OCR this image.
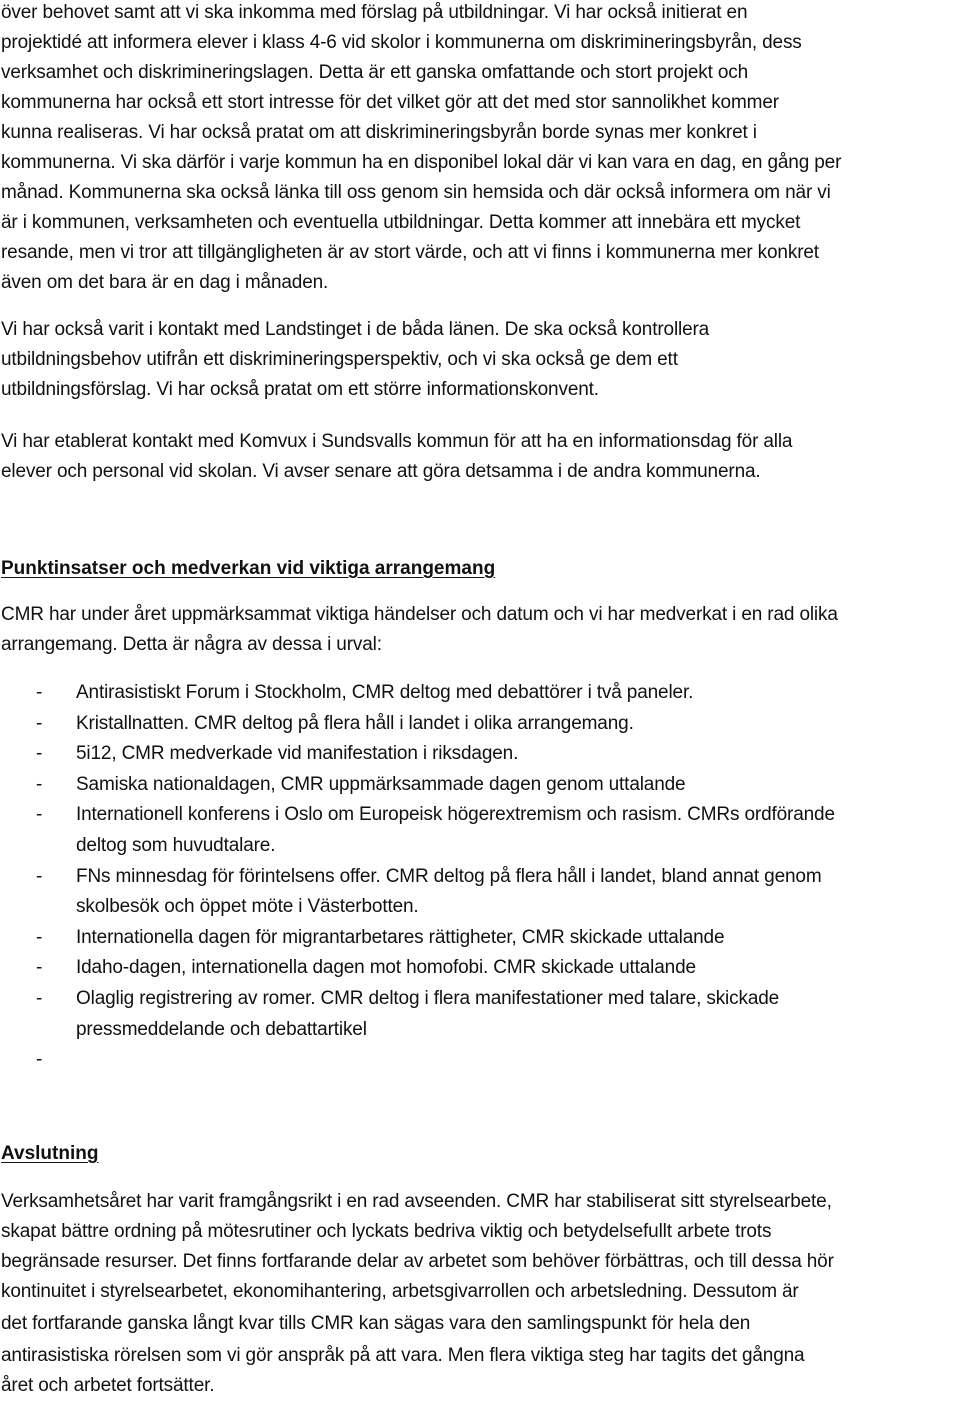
över behovet samt att vi ska inkomma med förslag på utbildningar. Vi har också initierat en
projektidé att informera elever i klass 4-6 vid skolor i kommunerna om diskrimineringsbyrån, dess
verksamhet och diskrimineringslagen. Detta är ett ganska omfattande och stort projekt och
kommunerna har också ett stort intresse för det vilket gör att det med stor sannolikhet kommer
kunna realiseras. Vi har också pratat om att diskrimineringsbyrån borde synas mer konkret i
kommunerna. Vi ska därför i varje kommun ha en disponibel lokal där vi kan vara en dag, en gång per
månad. Kommunerna ska också länka till oss genom sin hemsida och där också informera om när vi
är i kommunen, verksamheten och eventuella utbildningar. Detta kommer att innebära ett mycket
resande, men vi tror att tillgängligheten är av stort värde, och att vi finns i kommunerna mer konkret
även om det bara är en dag i månaden.
Vi har också varit i kontakt med Landstinget i de båda länen. De ska också kontrollera
utbildningsbehov utifrån ett diskrimineringsperspektiv, och vi ska också ge dem ett
utbildningsförslag. Vi har också pratat om ett större informationskonvent.
Vi har etablerat kontakt med Komvux i Sundsvalls kommun för att ha en informationsdag för alla
elever och personal vid skolan. Vi avser senare att göra detsamma i de andra kommunerna.
Punktinsatser och medverkan vid viktiga arrangemang
CMR har under året uppmärksammat viktiga händelser och datum och vi har medverkat i en rad olika
arrangemang. Detta är några av dessa i urval:
- Antirasistiskt Forum i Stockholm, CMR deltog med debattörer i två paneler.
- Kristallnatten. CMR deltog på flera håll i landet i olika arrangemang.
- 5i12, CMR medverkade vid manifestation i riksdagen.
- Samiska nationaldagen, CMR uppmärksammade dagen genom uttalande
- Internationell konferens i Oslo om Europeisk högerextremism och rasism. CMRs ordförande
deltog som huvudtalare.
- FNs minnesdag för förintelsens offer. CMR deltog på flera håll i landet, bland annat genom
skolbesök och öppet möte i Västerbotten.
- Internationella dagen för migrantarbetares rättigheter, CMR skickade uttalande
- Idaho-dagen, internationella dagen mot homofobi. CMR skickade uttalande
- Olaglig registrering av romer. CMR deltog i flera manifestationer med talare, skickade
pressmeddelande och debattartikel
-
Avslutning
Verksamhetsåret har varit framgångsrikt i en rad avseenden. CMR har stabiliserat sitt styrelsearbete,
skapat bättre ordning på mötesrutiner och lyckats bedriva viktig och betydelsefullt arbete trots
begränsade resurser. Det finns fortfarande delar av arbetet som behöver förbättras, och till dessa hör
kontinuitet i styrelsearbetet, ekonomihantering, arbetsgivarrollen och arbetsledning. Dessutom är
det fortfarande ganska långt kvar tills CMR kan sägas vara den samlingspunkt för hela den
antirasistiska rörelsen som vi gör anspråk på att vara. Men flera viktiga steg har tagits det gångna
året och arbetet fortsätter.
